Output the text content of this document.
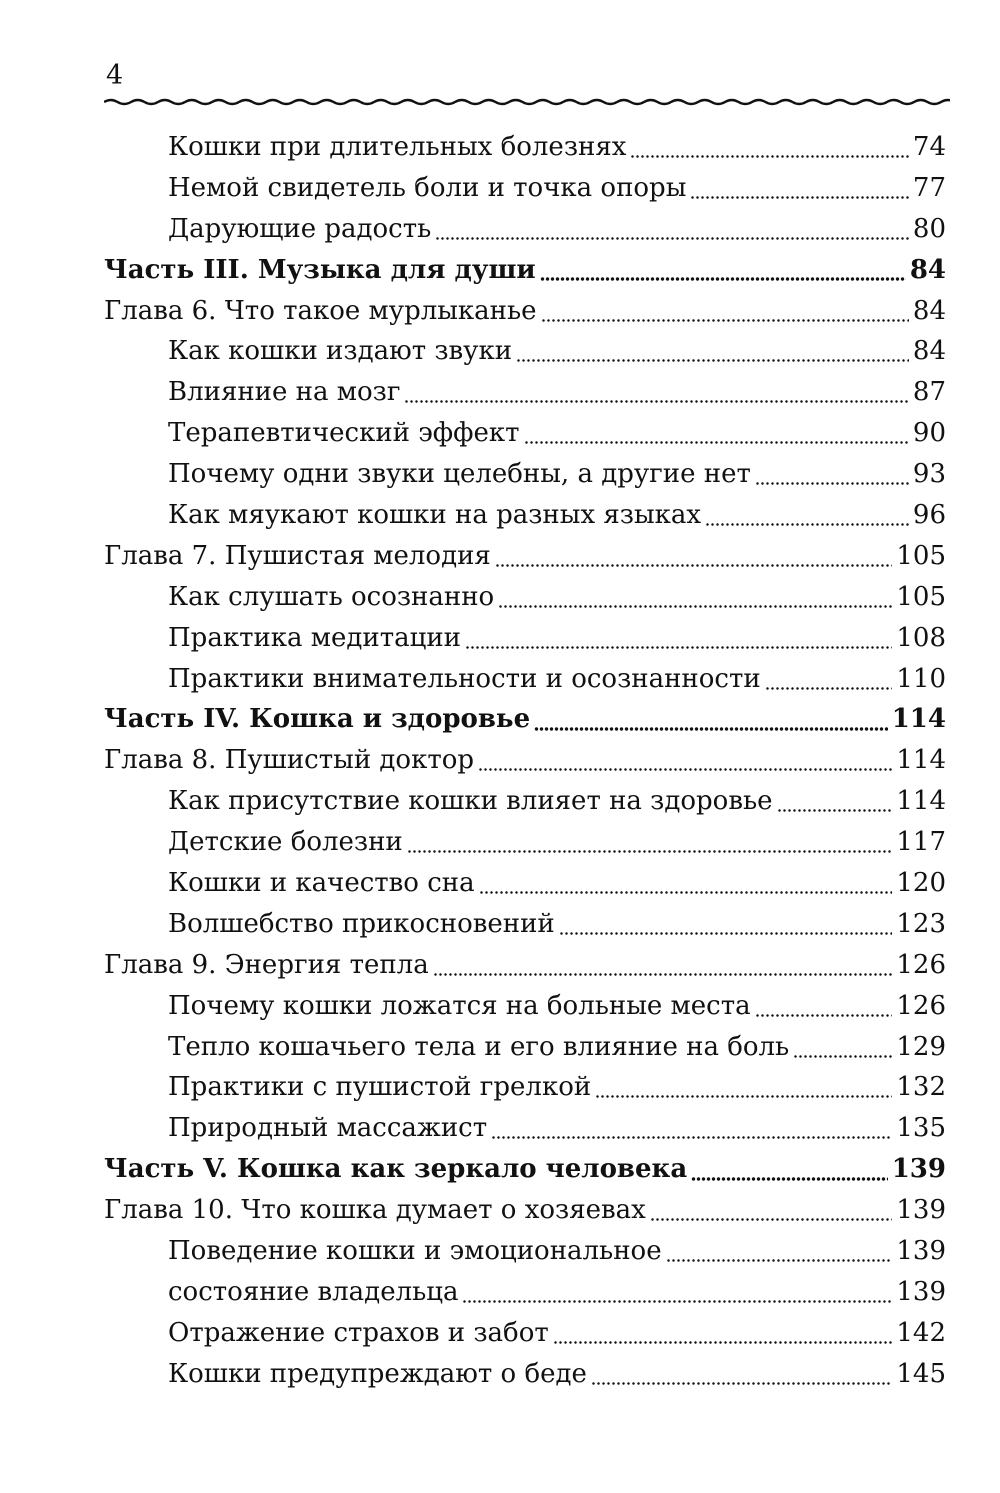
4
Кошки при длительных болезнях	74
Немой свидетель боли и точка опоры	77
Дарующие радость	80
Часть III. Музыка для души	84
Глава 6. Что такое мурлыканье	84
Как кошки издают звуки	84
Влияние на мозг	87
Терапевтический эффект	90
Почему одни звуки целебны, а другие нет	93
Как мяукают кошки на разных языках	96
Глава 7. Пушистая мелодия	105
Как слушать осознанно	105
Практика медитации	108
Практики внимательности и осознанности	110
Часть IV. Кошка и здоровье	114
Глава 8. Пушистый доктор	114
Как присутствие кошки влияет на здоровье	114
Детские болезни	117
Кошки и качество сна	120
Волшебство прикосновений	123
Глава 9. Энергия тепла	126
Почему кошки ложатся на больные места	126
Тепло кошачьего тела и его влияние на боль	129
Практики с пушистой грелкой	132
Природный массажист	135
Часть V. Кошка как зеркало человека	139
Глава 10. Что кошка думает о хозяевах	139
Поведение кошки и эмоциональное	139
состояние владельца	139
Отражение страхов и забот	142
Кошки предупреждают о беде	145
